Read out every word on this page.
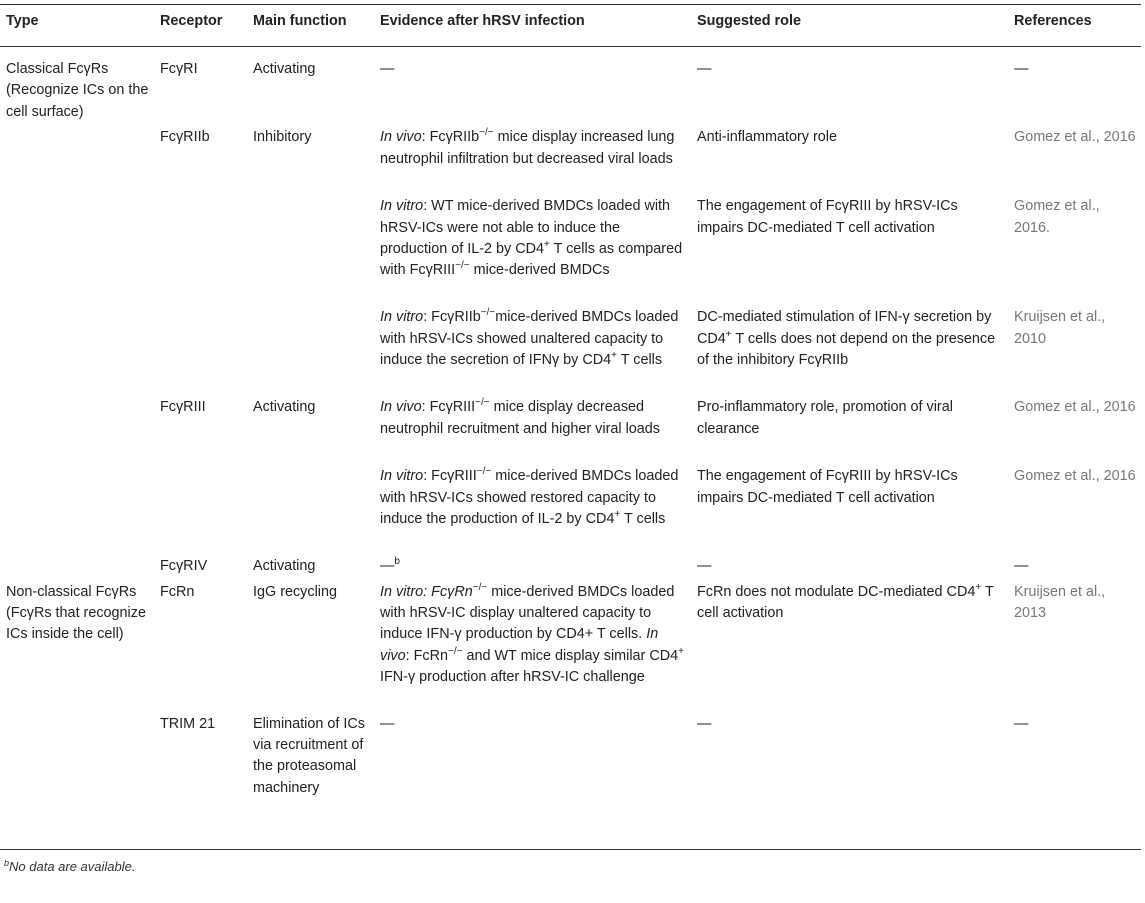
Type	Receptor	Main function	Evidence after hRSV infection	Suggested role	References
Classical FcγRs (Recognize ICs on the cell surface)	FcγRI	Activating	—	—	—
	FcγRIIb	Inhibitory	In vivo: FcγRIIb−/− mice display increased lung neutrophil infiltration but decreased viral loads	Anti-inflammatory role	Gomez et al., 2016
			In vitro: WT mice-derived BMDCs loaded with hRSV-ICs were not able to induce the production of IL-2 by CD4+ T cells as compared with FcγRIII−/− mice-derived BMDCs	The engagement of FcγRIII by hRSV-ICs impairs DC-mediated T cell activation	Gomez et al., 2016.
			In vitro: FcγRIIb−/−mice-derived BMDCs loaded with hRSV-ICs showed unaltered capacity to induce the secretion of IFNγ by CD4+ T cells	DC-mediated stimulation of IFN-γ secretion by CD4+ T cells does not depend on the presence of the inhibitory FcγRIIb	Kruijsen et al., 2010
	FcγRIII	Activating	In vivo: FcγRIII−/− mice display decreased neutrophil recruitment and higher viral loads	Pro-inflammatory role, promotion of viral clearance	Gomez et al., 2016
			In vitro: FcγRIII−/− mice-derived BMDCs loaded with hRSV-ICs showed restored capacity to induce the production of IL-2 by CD4+ T cells	The engagement of FcγRIII by hRSV-ICs impairs DC-mediated T cell activation	Gomez et al., 2016
	FcγRIV	Activating	—$^b$	—	—
Non-classical FcγRs (FcγRs that recognize ICs inside the cell)	FcRn	IgG recycling	In vitro: FcγRn−/− mice-derived BMDCs loaded with hRSV-IC display unaltered capacity to induce IFN-γ production by CD4+ T cells. In vivo: FcRn−/− and WT mice display similar CD4+ IFN-γ production after hRSV-IC challenge	FcRn does not modulate DC-mediated CD4+ T cell activation	Kruijsen et al., 2013
	TRIM 21	Elimination of ICs via recruitment of the proteasomal machinery	—	—	—
$^b$No data are available.
